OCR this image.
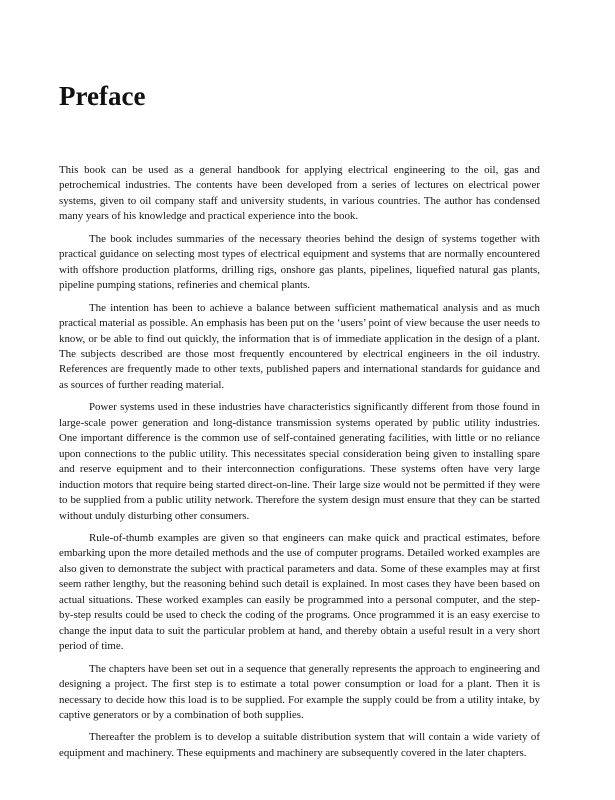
Preface

This book can be used as a general handbook for applying electrical engineering to the oil, gas and petrochemical industries. The contents have been developed from a series of lectures on electrical power systems, given to oil company staff and university students, in various countries. The author has condensed many years of his knowledge and practical experience into the book.

The book includes summaries of the necessary theories behind the design of systems together with practical guidance on selecting most types of electrical equipment and systems that are normally encountered with offshore production platforms, drilling rigs, onshore gas plants, pipelines, liquefied natural gas plants, pipeline pumping stations, refineries and chemical plants.

The intention has been to achieve a balance between sufficient mathematical analysis and as much practical material as possible. An emphasis has been put on the ‘users’ point of view because the user needs to know, or be able to find out quickly, the information that is of immediate application in the design of a plant. The subjects described are those most frequently encountered by electrical engineers in the oil industry. References are frequently made to other texts, published papers and international standards for guidance and as sources of further reading material.

Power systems used in these industries have characteristics significantly different from those found in large-scale power generation and long-distance transmission systems operated by public utility industries. One important difference is the common use of self-contained generating facilities, with little or no reliance upon connections to the public utility. This necessitates special consideration being given to installing spare and reserve equipment and to their interconnection configurations. These systems often have very large induction motors that require being started direct-on-line. Their large size would not be permitted if they were to be supplied from a public utility network. Therefore the system design must ensure that they can be started without unduly disturbing other consumers.

Rule-of-thumb examples are given so that engineers can make quick and practical estimates, before embarking upon the more detailed methods and the use of computer programs. Detailed worked examples are also given to demonstrate the subject with practical parameters and data. Some of these examples may at first seem rather lengthy, but the reasoning behind such detail is explained. In most cases they have been based on actual situations. These worked examples can easily be programmed into a personal computer, and the step-by-step results could be used to check the coding of the programs. Once programmed it is an easy exercise to change the input data to suit the particular problem at hand, and thereby obtain a useful result in a very short period of time.

The chapters have been set out in a sequence that generally represents the approach to engineering and designing a project. The first step is to estimate a total power consumption or load for a plant. Then it is necessary to decide how this load is to be supplied. For example the supply could be from a utility intake, by captive generators or by a combination of both supplies.

Thereafter the problem is to develop a suitable distribution system that will contain a wide variety of equipment and machinery. These equipments and machinery are subsequently covered in the later chapters.
